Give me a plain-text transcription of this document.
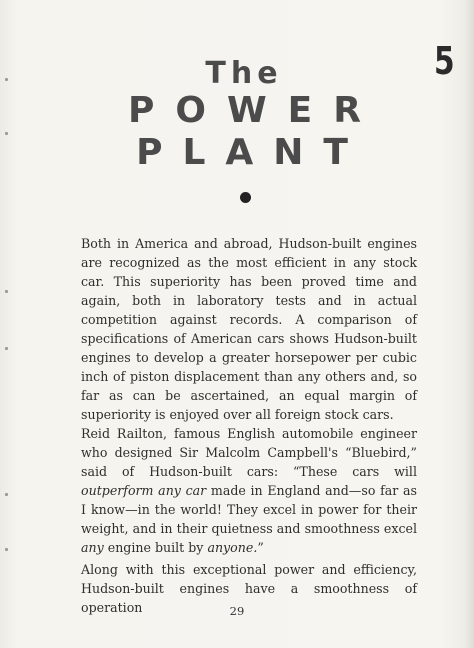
5
The
POWER
PLANT

Both in America and abroad, Hudson-built engines are recognized as the most efficient in any stock car. This superiority has been proved time and again, both in laboratory tests and in actual competition against records. A comparison of specifications of American cars shows Hudson-built engines to develop a greater horsepower per cubic inch of piston displacement than any others and, so far as can be ascertained, an equal margin of superiority is enjoyed over all foreign stock cars.

Reid Railton, famous English automobile engineer who designed Sir Malcolm Campbell's “Bluebird,” said of Hudson-built cars: “These cars will outperform any car made in England and—so far as I know—in the world! They excel in power for their weight, and in their quietness and smoothness excel any engine built by anyone.”

Along with this exceptional power and efficiency, Hudson-built engines have a smoothness of operation	29
